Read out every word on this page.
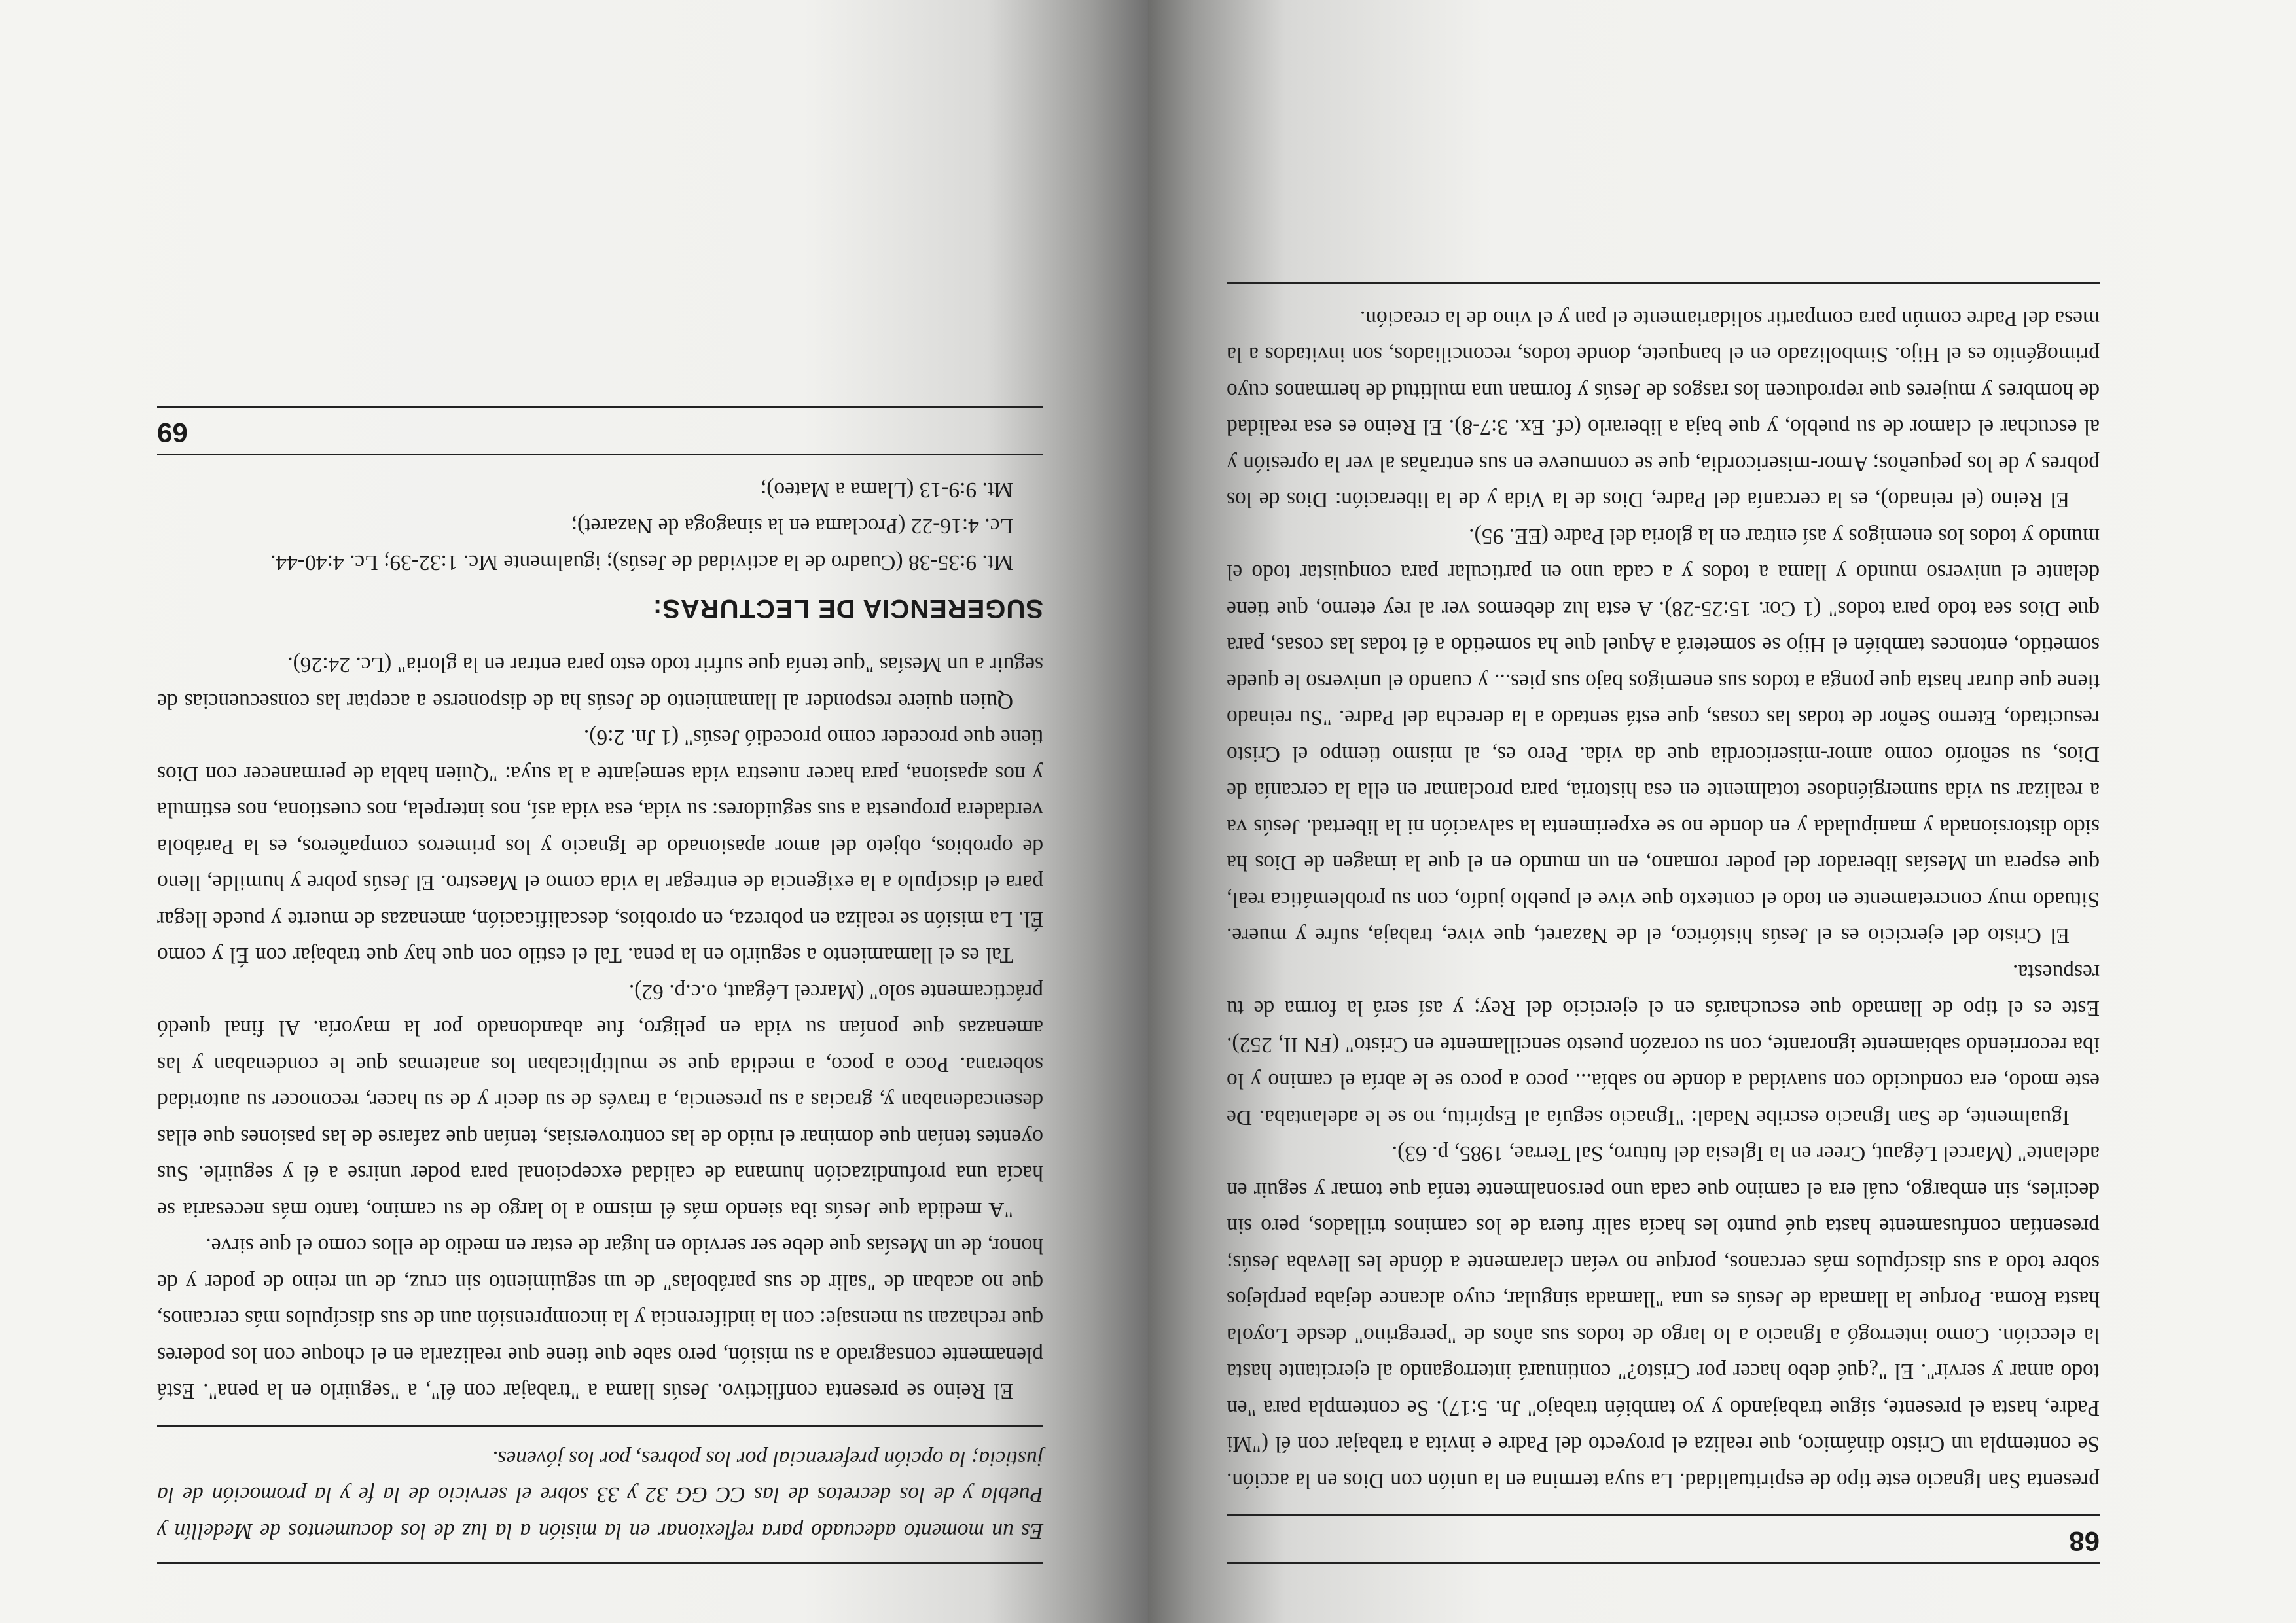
68

presenta San Ignacio este tipo de espiritualidad. La suya termina en la unión con Dios en la acción. Se contempla un Cristo dinámico, que realiza el proyecto del Padre e invita a trabajar con él ("Mi Padre, hasta el presente, sigue trabajando y yo también trabajo" Jn. 5:17). Se contempla para "en todo amar y servir". El "¿qué debo hacer por Cristo?" continuará interrogando al ejercitante hasta la elección. Como interrogó a Ignacio a lo largo de todos sus años de "peregrino" desde Loyola hasta Roma. Porque la llamada de Jesús es una "llamada singular, cuyo alcance dejaba perplejos sobre todo a sus discípulos más cercanos, porque no veían claramente a dónde les llevaba Jesús; presentían confusamente hasta qué punto les hacía salir fuera de los caminos trillados, pero sin decirles, sin embargo, cuál era el camino que cada uno personalmente tenía que tomar y seguir en adelante" (Marcel Légaut, Creer en la Iglesia del futuro, Sal Terrae, 1985, p. 63).

Igualmente, de San Ignacio escribe Nadal: "Ignacio seguía al Espíritu, no se le adelantaba. De este modo, era conducido con suavidad a donde no sabía... poco a poco se le abría el camino y lo iba recorriendo sabiamente ignorante, con su corazón puesto sencillamente en Cristo" (FN II, 252). Este es el tipo de llamado que escucharás en el ejercicio del Rey; y así será la forma de tu respuesta.

El Cristo del ejercicio es el Jesús histórico, el de Nazaret, que vive, trabaja, sufre y muere. Situado muy concretamente en todo el contexto que vive el pueblo judío, con su problemática real, que espera un Mesías liberador del poder romano, en un mundo en el que la imagen de Dios ha sido distorsionada y manipulada y en donde no se experimenta la salvación ni la libertad. Jesús va a realizar su vida sumergiéndose totalmente en esa historia, para proclamar en ella la cercanía de Dios, su señorío como amor-misericordia que da vida. Pero es, al mismo tiempo el Cristo resucitado, Eterno Señor de todas las cosas, que está sentado a la derecha del Padre. "Su reinado tiene que durar hasta que ponga a todos sus enemigos bajo sus pies... y cuando el universo le quede sometido, entonces también el Hijo se someterá a Aquel que ha sometido a él todas las cosas, para que Dios sea todo para todos" (1 Cor. 15:25-28). A esta luz debemos ver al rey eterno, que tiene delante el universo mundo y llama a todos y a cada uno en particular para conquistar todo el mundo y todos los enemigos y así entrar en la gloria del Padre (EE. 95).

El Reino (el reinado), es la cercanía del Padre, Dios de la Vida y de la liberación: Dios de los pobres y de los pequeños; Amor-misericordia, que se conmueve en sus entrañas al ver la opresión y al escuchar el clamor de su pueblo, y que baja a liberarlo (cf. Ex. 3:7-8). El Reino es esa realidad de hombres y mujeres que reproducen los rasgos de Jesús y forman una multitud de hermanos cuyo primogénito es el Hijo. Simbolizado en el banquete, donde todos, reconciliados, son invitados a la mesa del Padre común para compartir solidariamente el pan y el vino de la creación.

Es un momento adecuado para reflexionar en la misión a la luz de los documentos de Medellín y Puebla y de los decretos de las CC GG 32 y 33 sobre el servicio de la fe y la promoción de la justicia; la opción preferencial por los pobres, por los jóvenes.

El Reino se presenta conflictivo. Jesús llama a "trabajar con él", a "seguirlo en la pena". Está plenamente consagrado a su misión, pero sabe que tiene que realizarla en el choque con los poderes que rechazan su mensaje: con la indiferencia y la incomprensión aun de sus discípulos más cercanos, que no acaban de "salir de sus parábolas" de un seguimiento sin cruz, de un reino de poder y de honor, de un Mesías que debe ser servido en lugar de estar en medio de ellos como el que sirve.

"A medida que Jesús iba siendo más él mismo a lo largo de su camino, tanto más necesaria se hacía una profundización humana de calidad excepcional para poder unirse a él y seguirle. Sus oyentes tenían que dominar el ruido de las controversias, tenían que zafarse de las pasiones que ellas desencadenaban y, gracias a su presencia, a través de su decir y de su hacer, reconocer su autoridad soberana. Poco a poco, a medida que se multiplicaban los anatemas que le condenaban y las amenazas que ponían su vida en peligro, fue abandonado por la mayoría. Al final quedó prácticamente solo" (Marcel Légaut, o.c.p. 62).

Tal es el llamamiento a seguirlo en la pena. Tal el estilo con que hay que trabajar con Él y como Él. La misión se realiza en pobreza, en oprobios, descalificación, amenazas de muerte y puede llegar para el discípulo a la exigencia de entregar la vida como el Maestro. El Jesús pobre y humilde, lleno de oprobios, objeto del amor apasionado de Ignacio y los primeros compañeros, es la Parábola verdadera propuesta a sus seguidores: su vida, esa vida así, nos interpela, nos cuestiona, nos estimula y nos apasiona, para hacer nuestra vida semejante a la suya: "Quien habla de permanecer con Dios tiene que proceder como procedió Jesús" (1 Jn. 2:6).

Quien quiere responder al llamamiento de Jesús ha de disponerse a aceptar las consecuencias de seguir a un Mesías "que tenía que sufrir todo esto para entrar en la gloria" (Lc. 24:26).

SUGERENCIA DE LECTURAS:
Mt. 9:35-38 (Cuadro de la actividad de Jesús); igualmente Mc. 1:32-39; Lc. 4:40-44.
Lc. 4:16-22 (Proclama en la sinagoga de Nazaret);
Mt. 9:9-13 (Llama a Mateo);
69
